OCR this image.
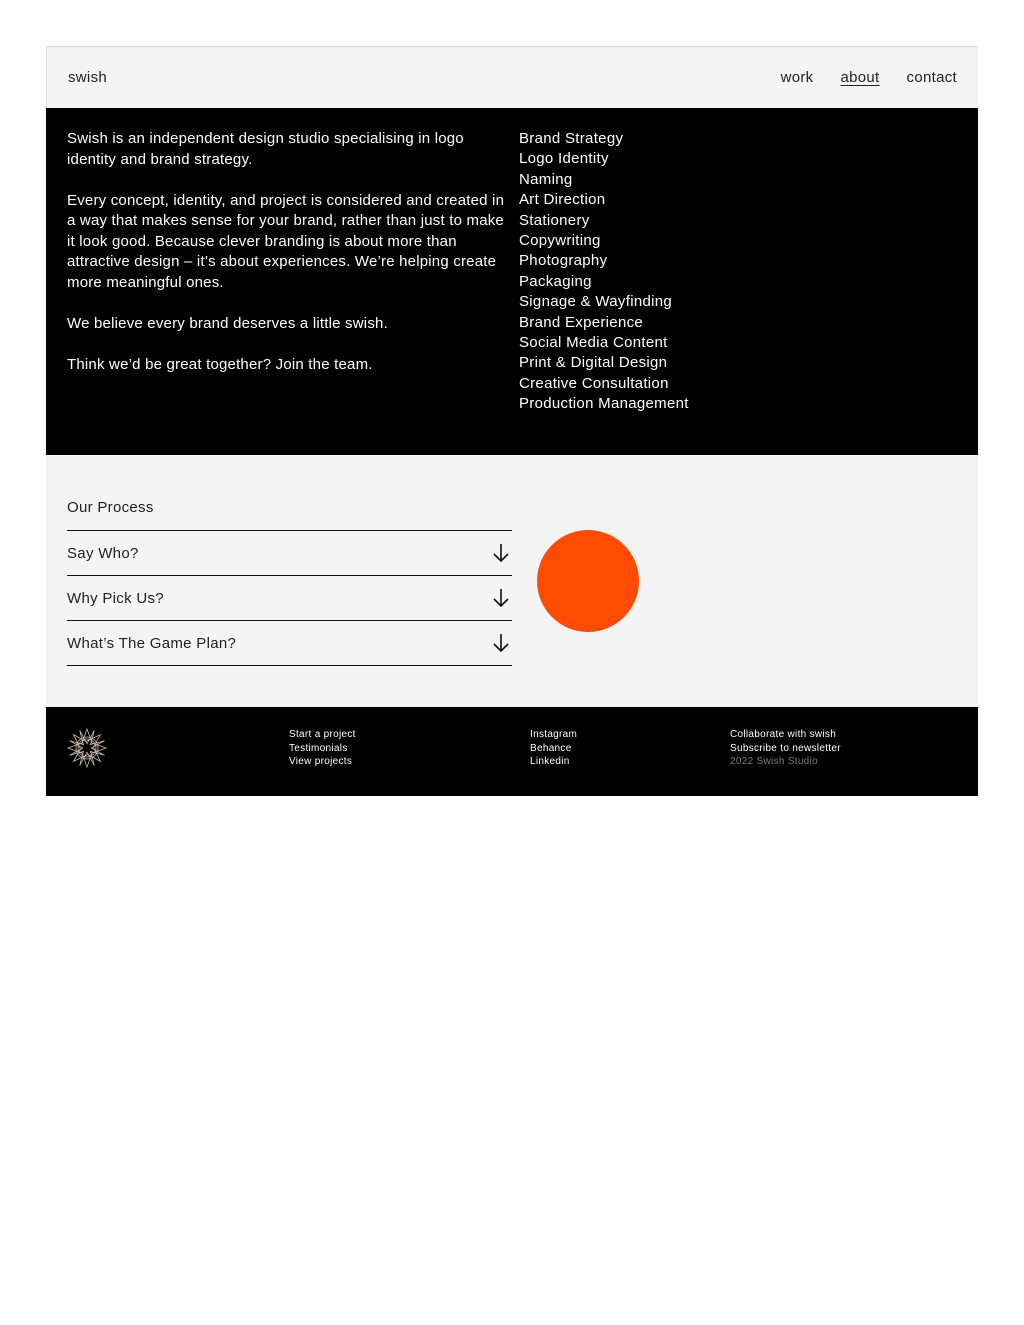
swish	work about contact

Swish is an independent design studio specialising in logo identity and brand strategy.

Every concept, identity, and project is considered and created in a way that makes sense for your brand, rather than just to make it look good. Because clever branding is about more than attractive design – it’s about experiences. We’re helping create more meaningful ones.

We believe every brand deserves a little swish.

Think we’d be great together? Join the team.

Brand Strategy
Logo Identity
Naming
Art Direction
Stationery
Copywriting
Photography
Packaging
Signage & Wayfinding
Brand Experience
Social Media Content
Print & Digital Design
Creative Consultation
Production Management
Our Process
Say Who?
Why Pick Us?
What’s The Game Plan?
Start a project
Testimonials
View projects
Instagram
Behance
Linkedin
Collaborate with swish
Subscribe to newsletter
2022 Swish Studio
